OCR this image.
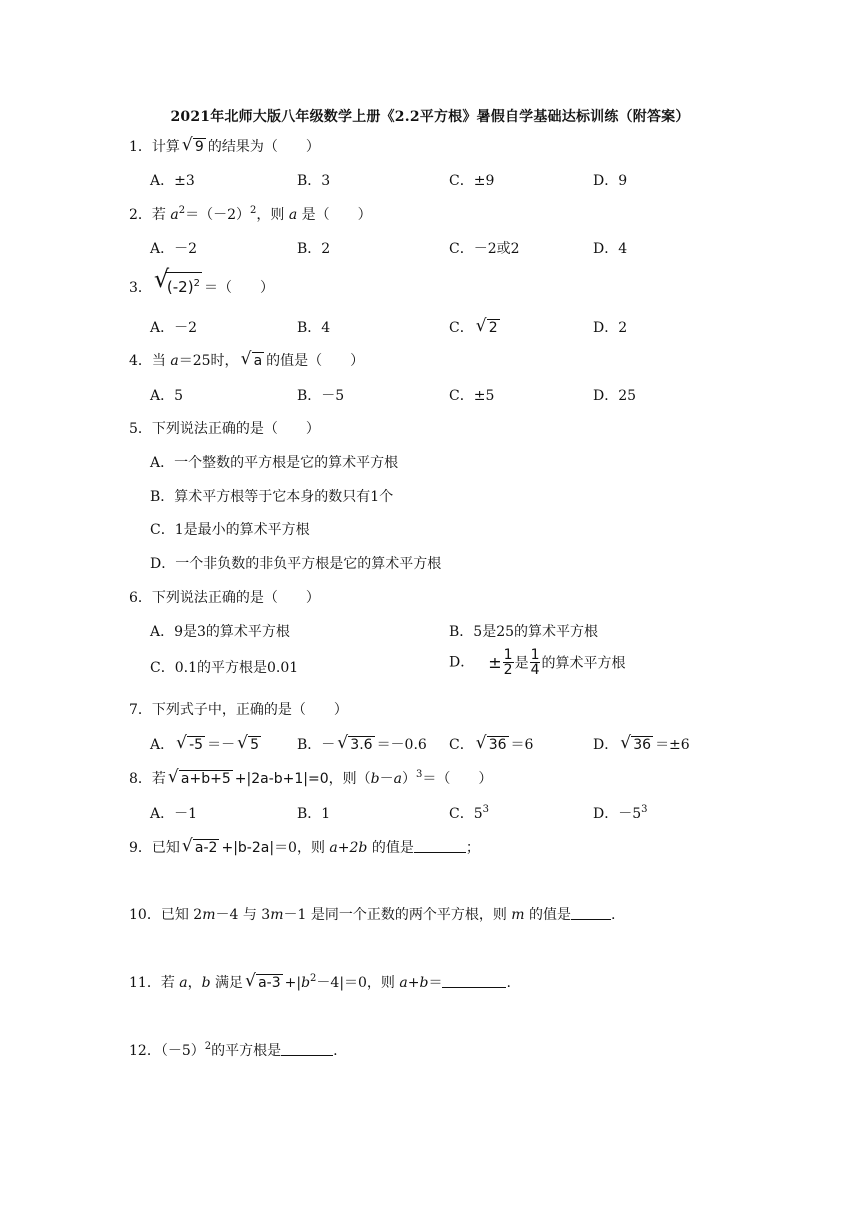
2021年北师大版八年级数学上册《2.2平方根》暑假自学基础达标训练（附答案）
1．计算 √ 9 的结果为（　　）
A．±3	B．3	C．±9	D．9
2．若 $a^2=(-2)^2$，则 a 是（　　）
A．－2	B．2	C．－2或2	D．4
3． √
$(-2)^2$ ＝（　　）
A．－2	B．4	C． √ 2	D．2
4．当 a＝25时， √ a 的值是（　　）
A．5	B．－5	C．±5	D．25
5．下列说法正确的是（　　）
A．一个整数的平方根是它的算术平方根
B．算术平方根等于它本身的数只有1个
C．1是最小的算术平方根
D．一个非负数的非负平方根是它的算术平方根
6．下列说法正确的是（　　）
A．9是3的算术平方根	B．5是25的算术平方根
C．0.1的平方根是0.01	D． ± $\frac{1}{2}$ 是 $\frac{1}{4}$ 的算术平方根
7．下列式子中，正确的是（　　）
A． √ -5 ＝－ √ 5	B．－ √ 3.6 ＝－0.6 C． √ 36 ＝6	D． √ 36 ＝±6
8．若 √ a+b+5 +|2a-b+1|=0，则$(b-a)^3=$（　　）
A．－1	B．1	C．$5^3$	D．$-5^3$
9．已知 √ a-2 +|b-2a|＝0，则 a+2b 的值是	；
10．已知 2m－4 与 3m－1 是同一个正数的两个平方根，则 m 的值是	.
11．若 a，b 满足 √ $a-3 +|b^2-4|=0$，则 a+b＝	.
12．$(-5)^2$的平方根是	.
